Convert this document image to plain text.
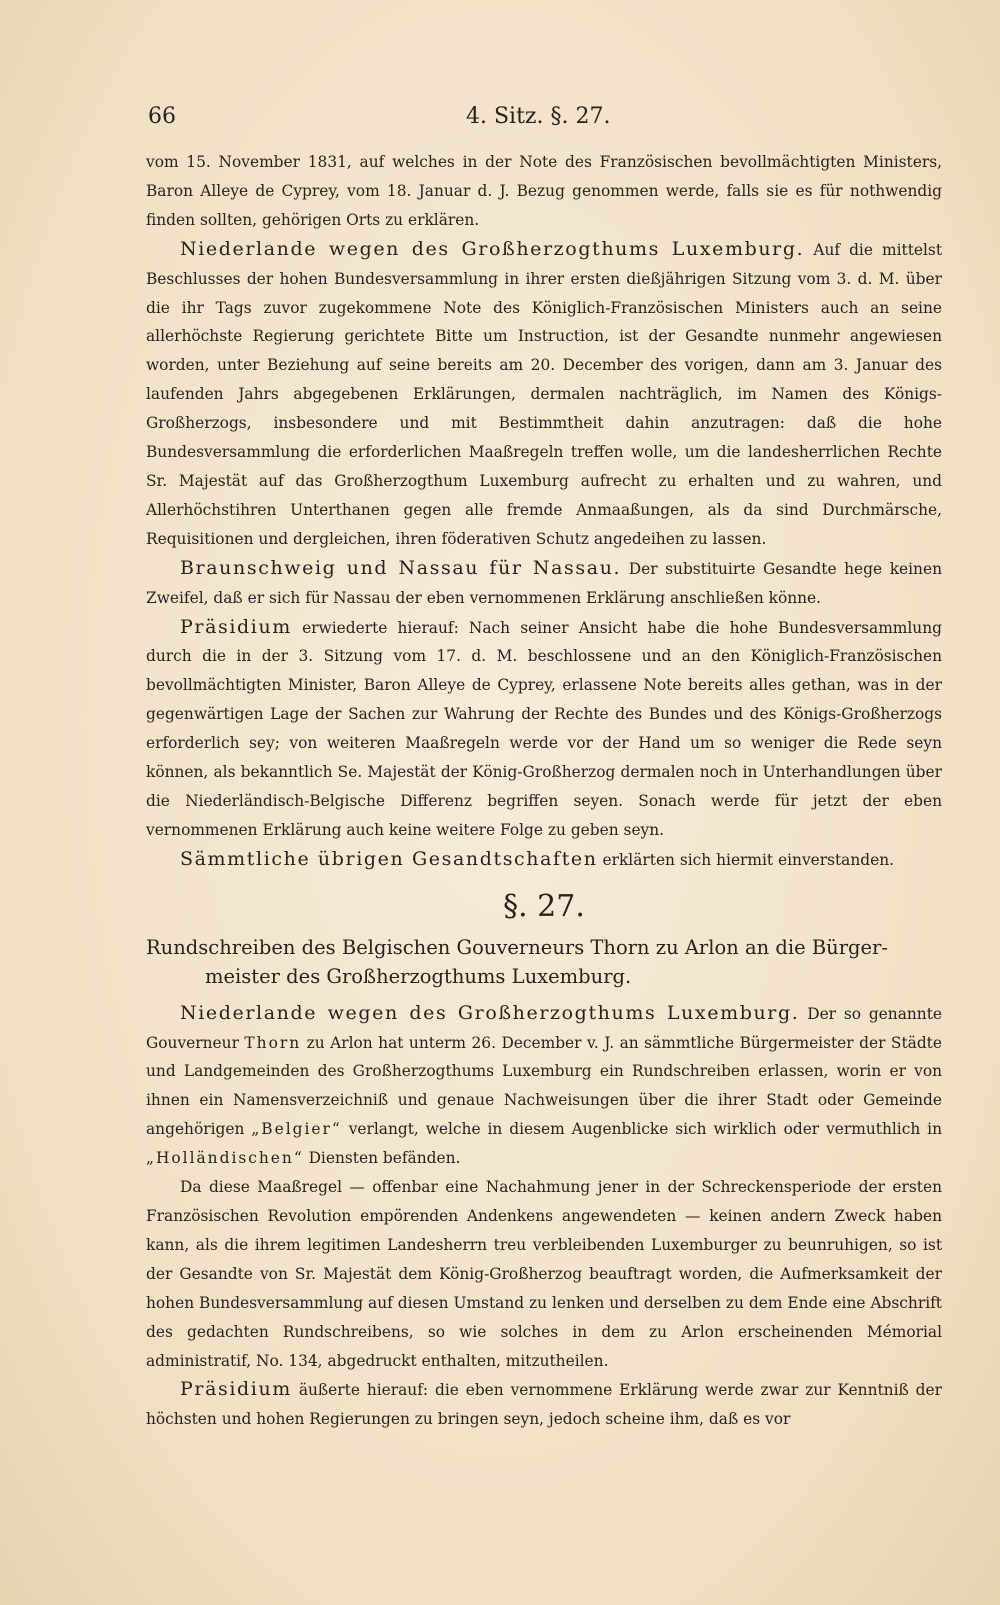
66	4. Sitz. §. 27.

vom 15. November 1831, auf welches in der Note des Französischen bevollmächtigten Ministers, Baron Alleye de Cyprey, vom 18. Januar d. J. Bezug genommen werde, falls sie es für nothwendig finden sollten, gehörigen Orts zu erklären.

Niederlande wegen des Großherzogthums Luxemburg. Auf die mittelst Beschlusses der hohen Bundesversammlung in ihrer ersten dießjährigen Sitzung vom 3. d. M. über die ihr Tags zuvor zugekommene Note des Königlich-Französischen Ministers auch an seine allerhöchste Regierung gerichtete Bitte um Instruction, ist der Gesandte nunmehr angewiesen worden, unter Beziehung auf seine bereits am 20. December des vorigen, dann am 3. Januar des laufenden Jahrs abgegebenen Erklärungen, dermalen nachträglich, im Namen des Königs-Großherzogs, insbesondere und mit Bestimmtheit dahin anzutragen: daß die hohe Bundesversammlung die erforderlichen Maaßregeln treffen wolle, um die landesherrlichen Rechte Sr. Majestät auf das Großherzogthum Luxemburg aufrecht zu erhalten und zu wahren, und Allerhöchstihren Unterthanen gegen alle fremde Anmaaßungen, als da sind Durchmärsche, Requisitionen und dergleichen, ihren föderativen Schutz angedeihen zu lassen.

Braunschweig und Nassau für Nassau. Der substituirte Gesandte hege keinen Zweifel, daß er sich für Nassau der eben vernommenen Erklärung anschließen könne.

Präsidium erwiederte hierauf: Nach seiner Ansicht habe die hohe Bundesversammlung durch die in der 3. Sitzung vom 17. d. M. beschlossene und an den Königlich-Französischen bevollmächtigten Minister, Baron Alleye de Cyprey, erlassene Note bereits alles gethan, was in der gegenwärtigen Lage der Sachen zur Wahrung der Rechte des Bundes und des Königs-Großherzogs erforderlich sey; von weiteren Maaßregeln werde vor der Hand um so weniger die Rede seyn können, als bekanntlich Se. Majestät der König-Großherzog dermalen noch in Unterhandlungen über die Niederländisch-Belgische Differenz begriffen seyen. Sonach werde für jetzt der eben vernommenen Erklärung auch keine weitere Folge zu geben seyn.

Sämmtliche übrigen Gesandtschaften erklärten sich hiermit einverstanden.

§. 27.
Rundschreiben des Belgischen Gouverneurs Thorn zu Arlon an die Bürger-
meister des Großherzogthums Luxemburg.

Niederlande wegen des Großherzogthums Luxemburg. Der so genannte Gouverneur Thorn zu Arlon hat unterm 26. December v. J. an sämmtliche Bürgermeister der Städte und Landgemeinden des Großherzogthums Luxemburg ein Rundschreiben erlassen, worin er von ihnen ein Namensverzeichniß und genaue Nachweisungen über die ihrer Stadt oder Gemeinde angehörigen „Belgier“ verlangt, welche in diesem Augenblicke sich wirklich oder vermuthlich in „Holländischen“ Diensten befänden.

Da diese Maaßregel — offenbar eine Nachahmung jener in der Schreckensperiode der ersten Französischen Revolution empörenden Andenkens angewendeten — keinen andern Zweck haben kann, als die ihrem legitimen Landesherrn treu verbleibenden Luxemburger zu beunruhigen, so ist der Gesandte von Sr. Majestät dem König-Großherzog beauftragt worden, die Aufmerksamkeit der hohen Bundesversammlung auf diesen Umstand zu lenken und derselben zu dem Ende eine Abschrift des gedachten Rundschreibens, so wie solches in dem zu Arlon erscheinenden Mémorial administratif, No. 134, abgedruckt enthalten, mitzutheilen.

Präsidium äußerte hierauf: die eben vernommene Erklärung werde zwar zur Kenntniß der höchsten und hohen Regierungen zu bringen seyn, jedoch scheine ihm, daß es vor
